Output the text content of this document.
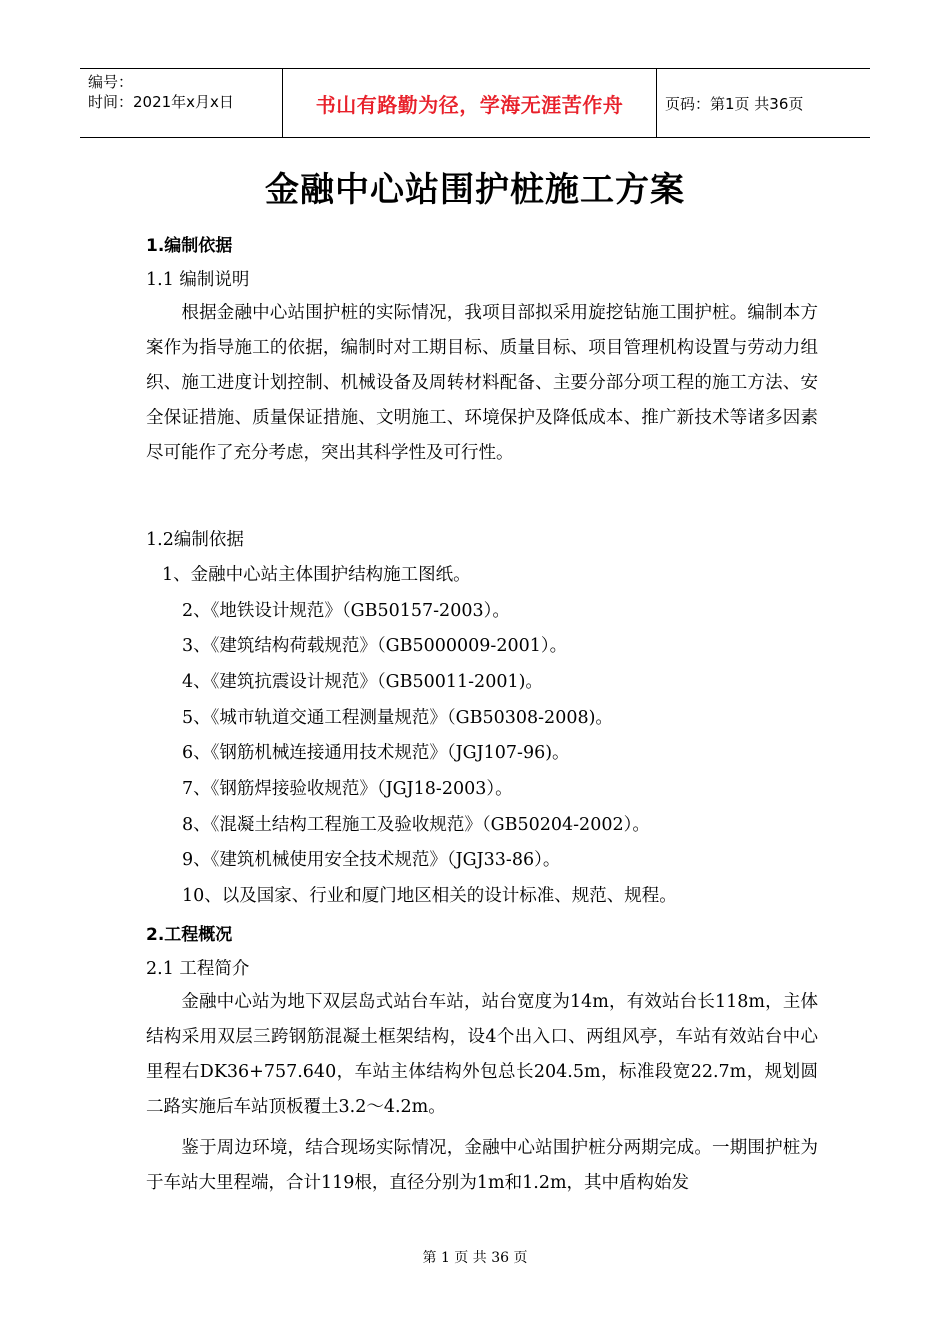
编号：
时间：2021年x月x日	书山有路勤为径，学海无涯苦作舟	页码：第1页 共36页
金融中心站围护桩施工方案
1.编制依据
1.1 编制说明
　　根据金融中心站围护桩的实际情况，我项目部拟采用旋挖钻施工围护桩。编制本方案作为指导施工的依据，编制时对工期目标、质量目标、项目管理机构设置与劳动力组织、施工进度计划控制、机械设备及周转材料配备、主要分部分项工程的施工方法、安全保证措施、质量保证措施、文明施工、环境保护及降低成本、推广新技术等诸多因素尽可能作了充分考虑，突出其科学性及可行性。
1.2编制依据
1、金融中心站主体围护结构施工图纸。
2、《地铁设计规范》（GB50157-2003）。
3、《建筑结构荷载规范》（GB5000009-2001）。
4、《建筑抗震设计规范》（GB50011-2001)。
5、《城市轨道交通工程测量规范》（GB50308-2008)。
6、《钢筋机械连接通用技术规范》（JGJ107-96)。
7、《钢筋焊接验收规范》（JGJ18-2003）。
8、《混凝土结构工程施工及验收规范》（GB50204-2002）。
9、《建筑机械使用安全技术规范》（JGJ33-86）。
10、以及国家、行业和厦门地区相关的设计标准、规范、规程。
2.工程概况
2.1 工程简介
　　金融中心站为地下双层岛式站台车站，站台宽度为14m，有效站台长118m，主体结构采用双层三跨钢筋混凝土框架结构，设4个出入口、两组风亭，车站有效站台中心里程右DK36+757.640，车站主体结构外包总长204.5m，标准段宽22.7m，规划圆二路实施后车站顶板覆土3.2～4.2m。
　　鉴于周边环境，结合现场实际情况，金融中心站围护桩分两期完成。一期围护桩为于车站大里程端，合计119根，直径分别为1m和1.2m，其中盾构始发
第 1 页 共 36 页
